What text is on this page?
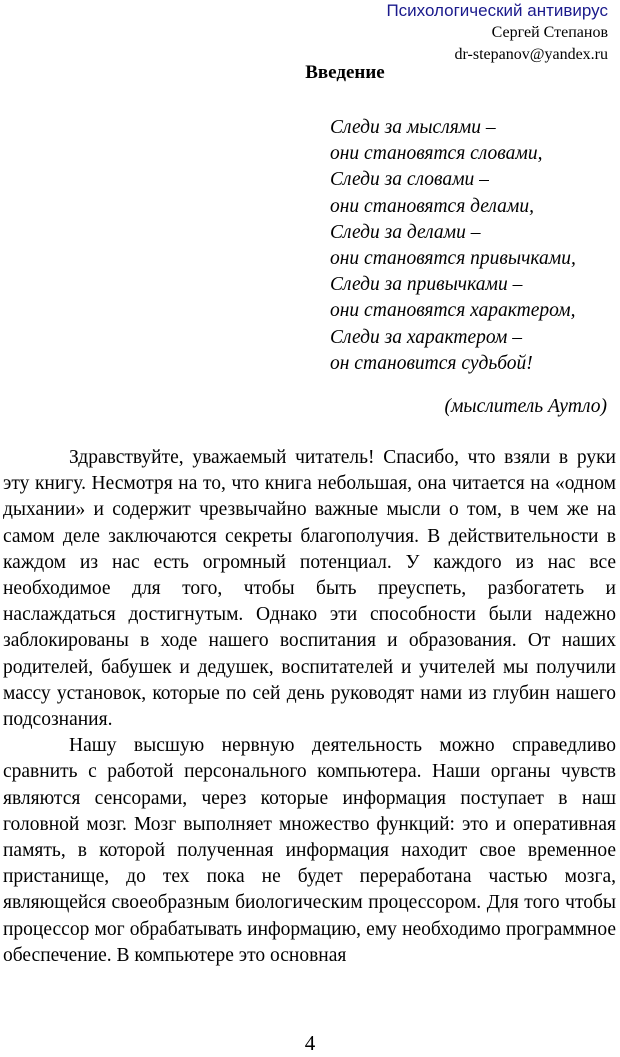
Психологический антивирус
Сергей Степанов
dr-stepanov@yandex.ru
Введение
Следи за мыслями –
они становятся словами,
Следи за словами –
они становятся делами,
Следи за делами –
они становятся привычками,
Следи за привычками –
они становятся характером,
Следи за характером –
он становится судьбой!
(мыслитель Аутло)

Здравствуйте, уважаемый читатель! Спасибо, что взяли в руки эту книгу. Несмотря на то, что книга небольшая, она читается на «одном дыхании» и содержит чрезвычайно важные мысли о том, в чем же на самом деле заключаются секреты благополучия. В действительности в каждом из нас есть огромный потенциал. У каждого из нас все необходимое для того, чтобы быть преуспеть, разбогатеть и наслаждаться достигнутым. Однако эти способности были надежно заблокированы в ходе нашего воспитания и образования. От наших родителей, бабушек и дедушек, воспитателей и учителей мы получили массу установок, которые по сей день руководят нами из глубин нашего подсознания.

Нашу высшую нервную деятельность можно справедливо сравнить с работой персонального компьютера. Наши органы чувств являются сенсорами, через которые информация поступает в наш головной мозг. Мозг выполняет множество функций: это и оперативная память, в которой полученная информация находит свое временное пристанище, до тех пока не будет переработана частью мозга, являющейся своеобразным биологическим процессором. Для того чтобы процессор мог обрабатывать информацию, ему необходимо программное обеспечение. В компьютере это основная

4
